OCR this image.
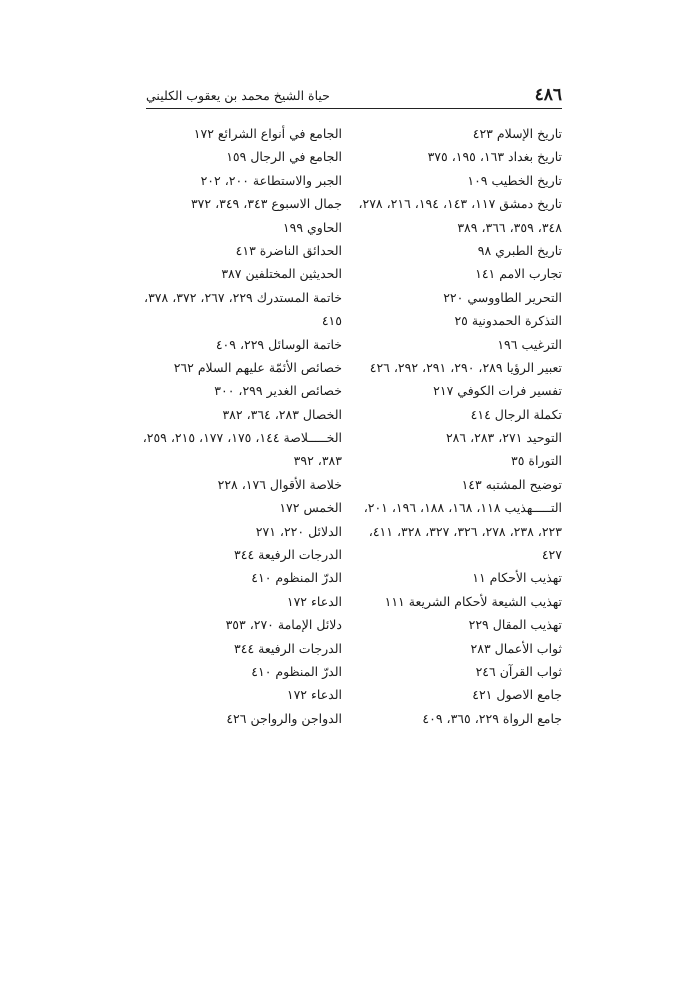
٤٨٦
حياة الشيخ محمد بن يعقوب الكليني
تاريخ الإسلام ٤٢٣
تاريخ بغداد ١٦٣، ١٩٥، ٣٧٥
تاريخ الخطيب ١٠٩
تاريخ دمشق ١١٧، ١٤٣، ١٩٤، ٢١٦، ٢٧٨،
٣٤٨، ٣٥٩، ٣٦٦، ٣٨٩
تاريخ الطبري ٩٨
تجارب الامم ١٤١
التحرير الطاووسي ٢٢٠
التذكرة الحمدونية ٢٥
الترغيب ١٩٦
تعبير الرؤيا ٢٨٩، ٢٩٠، ٢٩١، ٢٩٢، ٤٢٦
تفسير فرات الكوفي ٢١٧
تكملة الرجال ٤١٤
التوحيد ٢٧١، ٢٨٣، ٢٨٦
التوراة ٣٥
توضيح المشتبه ١٤٣
التـــــهذيب ١١٨، ١٦٨، ١٨٨، ١٩٦، ٢٠١،
٢٢٣، ٢٣٨، ٢٧٨، ٣٢٦، ٣٢٧، ٣٢٨، ٤١١،
٤٢٧
تهذيب الأحكام ١١
تهذيب الشيعة لأحكام الشريعة ١١١
تهذيب المقال ٢٢٩
ثواب الأعمال ٢٨٣
ثواب القرآن ٢٤٦
جامع الاصول ٤٢١
جامع الرواة ٢٢٩، ٣٦٥، ٤٠٩
الجامع في أنواع الشرائع ١٧٢
الجامع في الرجال ١٥٩
الجبر والاستطاعة ٢٠٠، ٢٠٢
جمال الاسبوع ٣٤٣، ٣٤٩، ٣٧٢
الحاوي ١٩٩
الحدائق الناضرة ٤١٣
الحديثين المختلفين ٣٨٧
خاتمة المستدرك ٢٢٩، ٢٦٧، ٣٧٢، ٣٧٨،
٤١٥
خاتمة الوسائل ٢٢٩، ٤٠٩
خصائص الأئمّة عليهم السلام ٢٦٢
خصائص الغدير ٢٩٩، ٣٠٠
الخصال ٢٨٣، ٣٦٤، ٣٨٢
الخـــــلاصة ١٤٤، ١٧٥، ١٧٧، ٢١٥، ٢٥٩،
٣٨٣، ٣٩٢
خلاصة الأقوال ١٧٦، ٢٢٨
الخمس ١٧٢
الدلائل ٢٢٠، ٢٧١
الدرجات الرفيعة ٣٤٤
الدرّ المنظوم ٤١٠
الدعاء ١٧٢
دلائل الإمامة ٢٧٠، ٣٥٣
الدرجات الرفيعة ٣٤٤
الدرّ المنظوم ٤١٠
الدعاء ١٧٢
الدواجن والرواجن ٤٢٦
